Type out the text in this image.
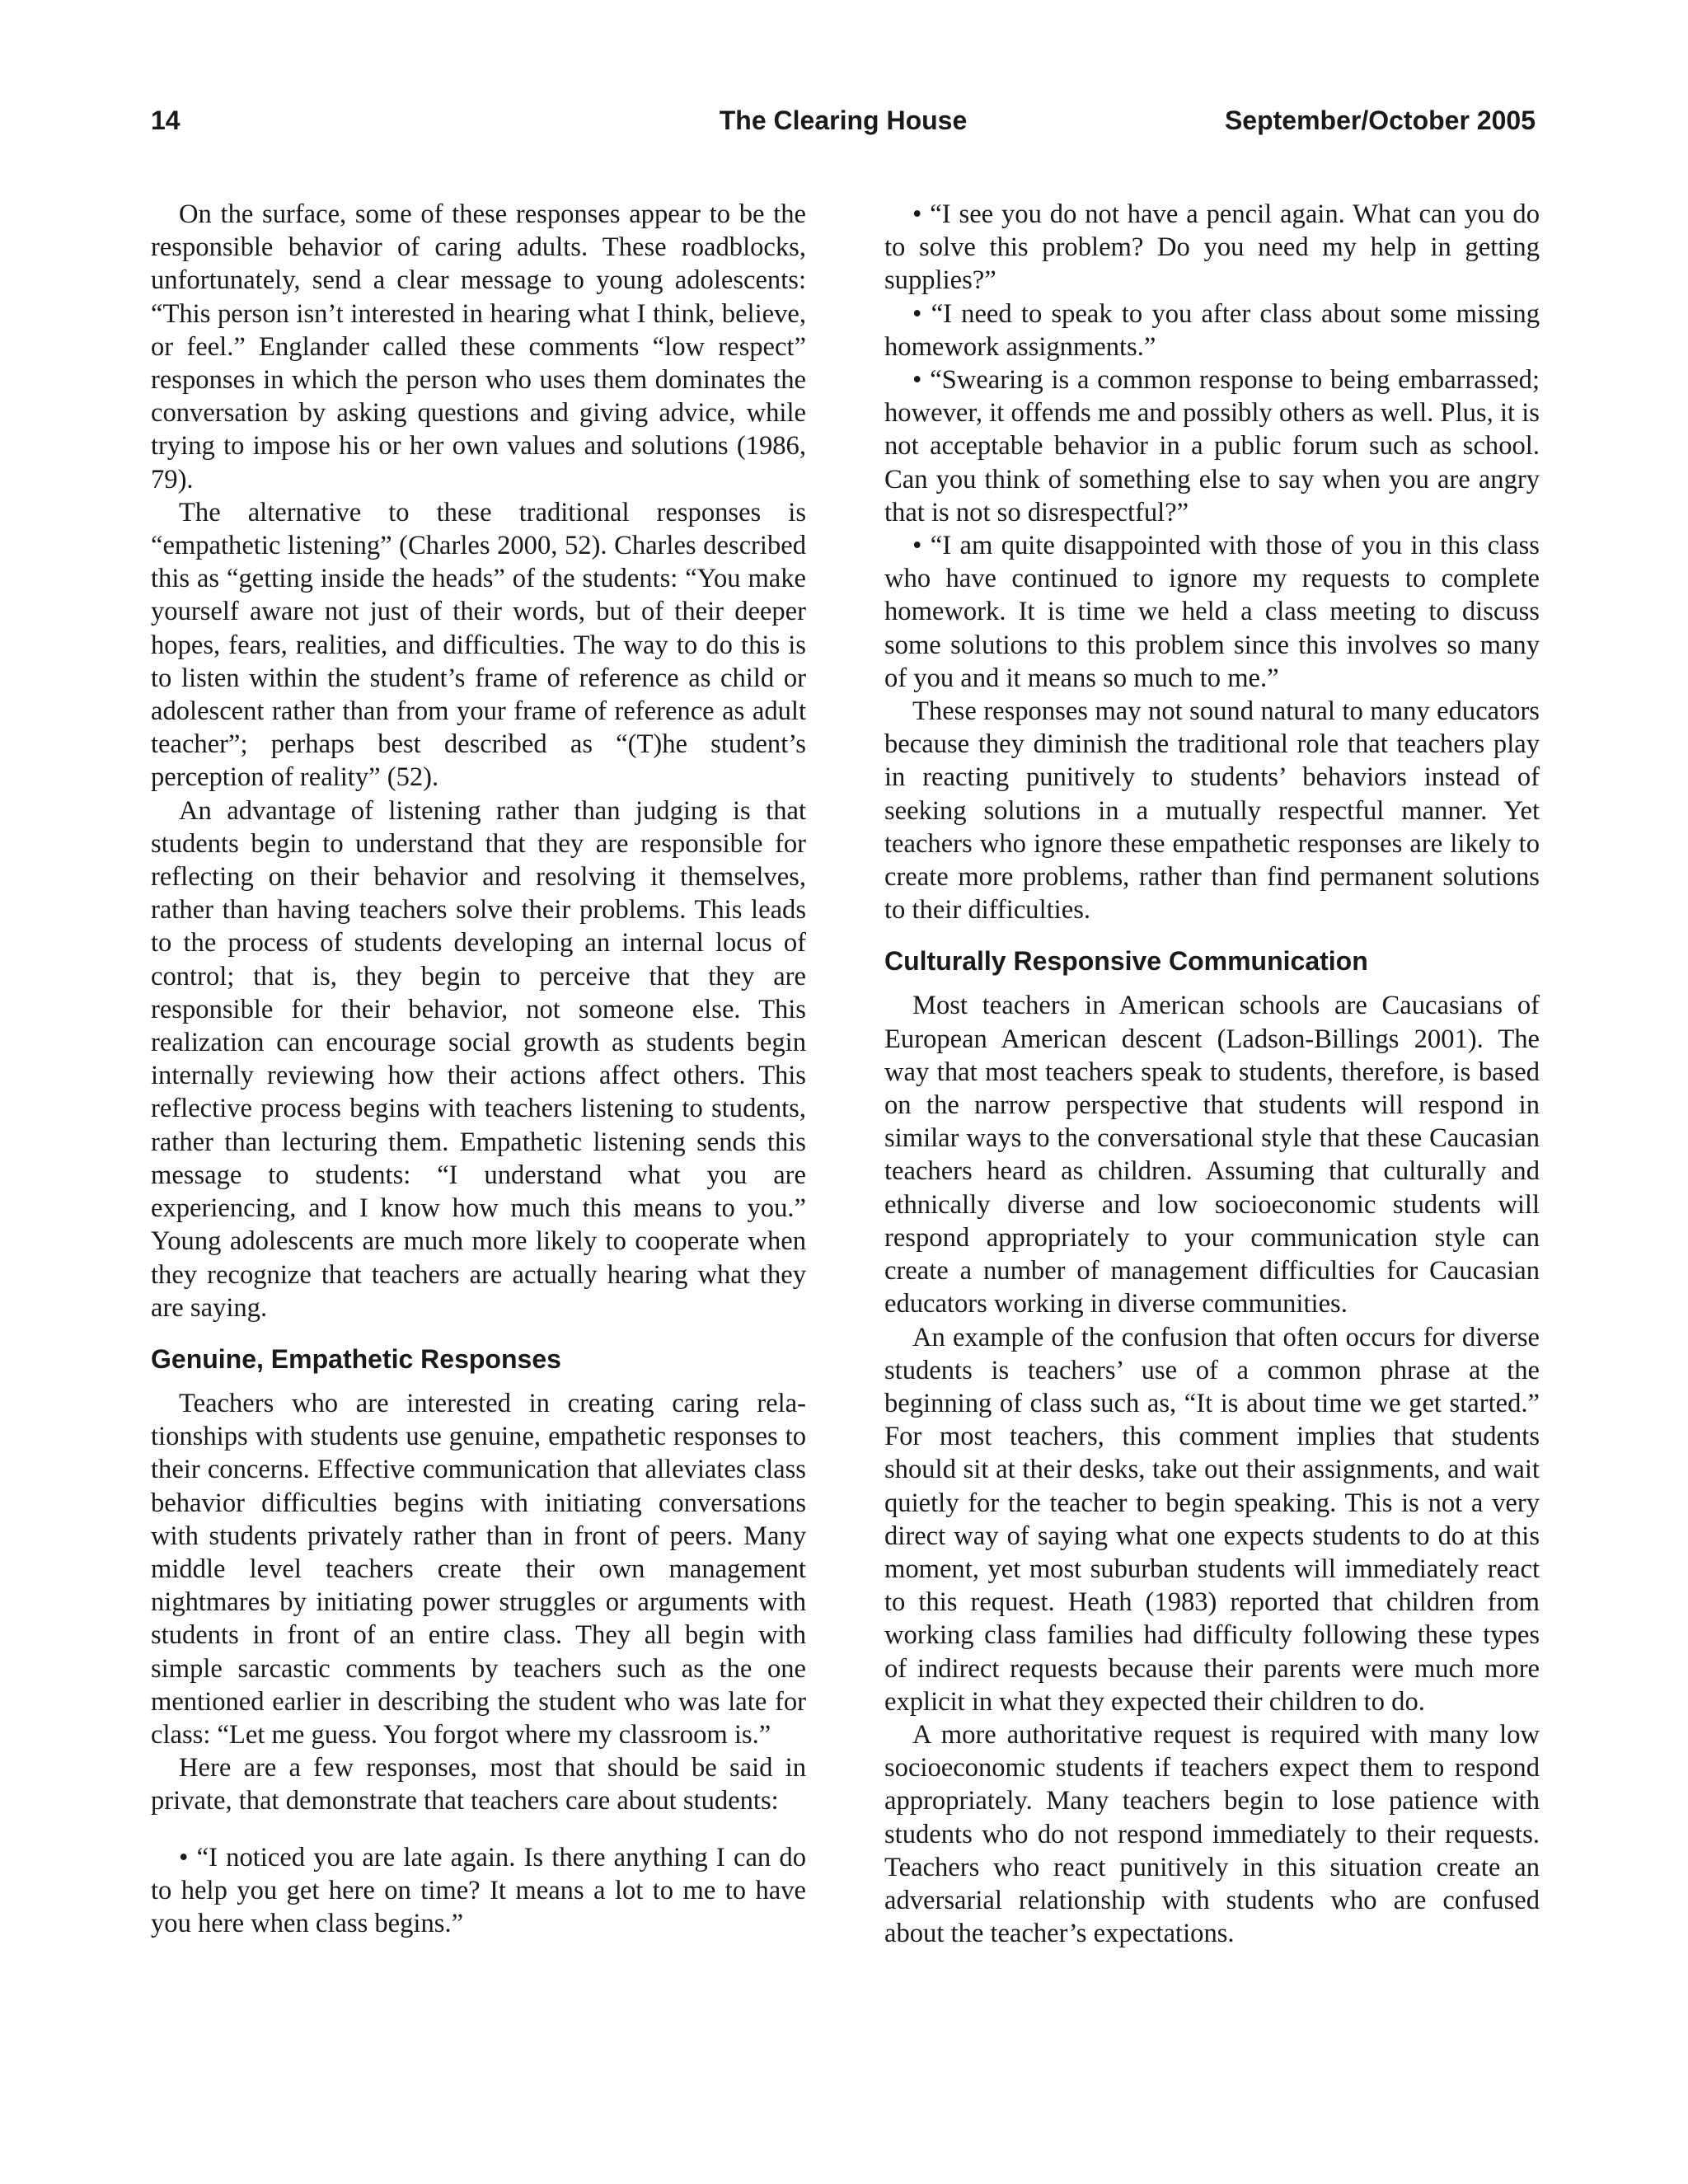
14	The Clearing House	September/October 2005

On the surface, some of these responses appear to be the responsible behavior of caring adults. These roadblocks, unfortunately, send a clear message to young adolescents: “This person isn’t interested in hearing what I think, believe, or feel.” Englander called these comments “low respect” responses in which the person who uses them dominates the conversation by asking questions and giving advice, while trying to impose his or her own values and solutions (1986, 79).

The alternative to these traditional responses is “empathetic listening” (Charles 2000, 52). Charles described this as “getting inside the heads” of the students: “You make yourself aware not just of their words, but of their deeper hopes, fears, realities, and difficulties. The way to do this is to listen within the student’s frame of reference as child or adolescent rather than from your frame of reference as adult teacher”; perhaps best described as “(T)he student’s perception of reality” (52).

An advantage of listening rather than judging is that students begin to understand that they are responsible for reflecting on their behavior and resolving it themselves, rather than having teachers solve their problems. This leads to the process of students developing an internal locus of control; that is, they begin to perceive that they are responsible for their behavior, not someone else. This realization can encourage social growth as students begin internally reviewing how their actions affect others. This reflective process begins with teachers listening to students, rather than lecturing them. Empathetic listening sends this message to students: “I understand what you are experiencing, and I know how much this means to you.” Young adolescents are much more likely to cooperate when they recognize that teachers are actually hearing what they are saying.

Genuine, Empathetic Responses

Teachers who are interested in creating caring relationships with students use genuine, empathetic responses to their concerns. Effective communication that alleviates class behavior difficulties begins with initiating conversations with students privately rather than in front of peers. Many middle level teachers create their own management nightmares by initiating power struggles or arguments with students in front of an entire class. They all begin with simple sarcastic comments by teachers such as the one mentioned earlier in describing the student who was late for class: “Let me guess. You forgot where my classroom is.”

Here are a few responses, most that should be said in private, that demonstrate that teachers care about students:

• “I noticed you are late again. Is there anything I can do to help you get here on time? It means a lot to me to have you here when class begins.”

• “I see you do not have a pencil again. What can you do to solve this problem? Do you need my help in getting supplies?”

• “I need to speak to you after class about some missing homework assignments.”

• “Swearing is a common response to being embarrassed; however, it offends me and possibly others as well. Plus, it is not acceptable behavior in a public forum such as school. Can you think of something else to say when you are angry that is not so disrespectful?”

• “I am quite disappointed with those of you in this class who have continued to ignore my requests to complete homework. It is time we held a class meeting to discuss some solutions to this problem since this involves so many of you and it means so much to me.”

These responses may not sound natural to many educators because they diminish the traditional role that teachers play in reacting punitively to students’ behaviors instead of seeking solutions in a mutually respectful manner. Yet teachers who ignore these empathetic responses are likely to create more problems, rather than find permanent solutions to their difficulties.

Culturally Responsive Communication

Most teachers in American schools are Caucasians of European American descent (Ladson-Billings 2001). The way that most teachers speak to students, therefore, is based on the narrow perspective that students will respond in similar ways to the conversational style that these Caucasian teachers heard as children. Assuming that culturally and ethnically diverse and low socioeconomic students will respond appropriately to your communication style can create a number of management difficulties for Caucasian educators working in diverse communities.

An example of the confusion that often occurs for diverse students is teachers’ use of a common phrase at the beginning of class such as, “It is about time we get started.” For most teachers, this comment implies that students should sit at their desks, take out their assignments, and wait quietly for the teacher to begin speaking. This is not a very direct way of saying what one expects students to do at this moment, yet most suburban students will immediately react to this request. Heath (1983) reported that children from working class families had difficulty following these types of indirect requests because their parents were much more explicit in what they expected their children to do.

A more authoritative request is required with many low socioeconomic students if teachers expect them to respond appropriately. Many teachers begin to lose patience with students who do not respond immediately to their requests. Teachers who react punitively in this situation create an adversarial relationship with students who are confused about the teacher’s expectations.
